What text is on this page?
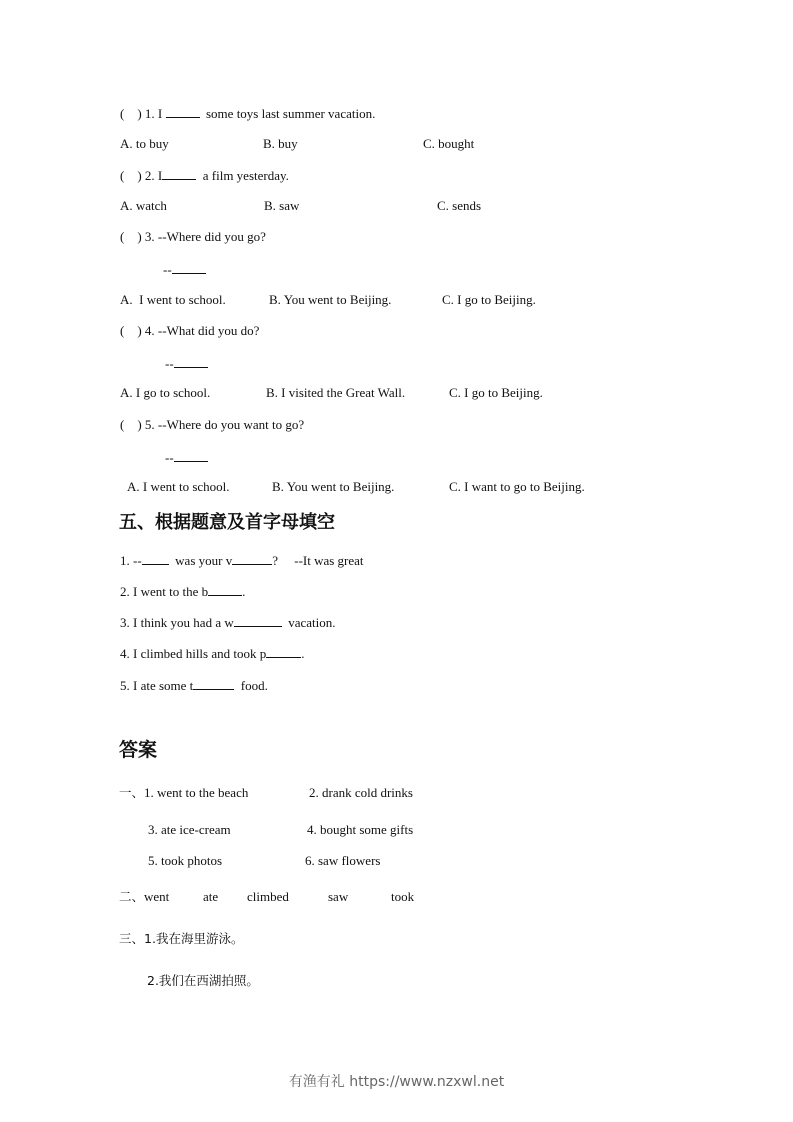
(    ) 1. I	some toys last summer vacation.
A. to buy	B. buy	C. bought
(    ) 2. I	a film yesterday.
A. watch	B. saw	C. sends
(    ) 3. --Where did you go?
--
A.  I went to school.	B. You went to Beijing.	C. I go to Beijing.
(    ) 4. --What did you do?
--
A. I go to school.	B. I visited the Great Wall.	C. I go to Beijing.
(    ) 5. --Where do you want to go?
--
A. I went to school.	B. You went to Beijing.	C. I want to go to Beijing.
五、根据题意及首字母填空
1. --  was your v	?     --It was great
2. I went to the b	.
3. I think you had a w	vacation.
4. I climbed hills and took p	.
5. I ate some t	food.
答案
一、1. went to the beach	2. drank cold drinks
3. ate ice-cream	4. bought some gifts
5. took photos	6. saw flowers
二、went	ate climbed	saw	took
三、1.我在海里游泳。
2.我们在西湖拍照。
有渔有礼 https://www.nzxwl.net
